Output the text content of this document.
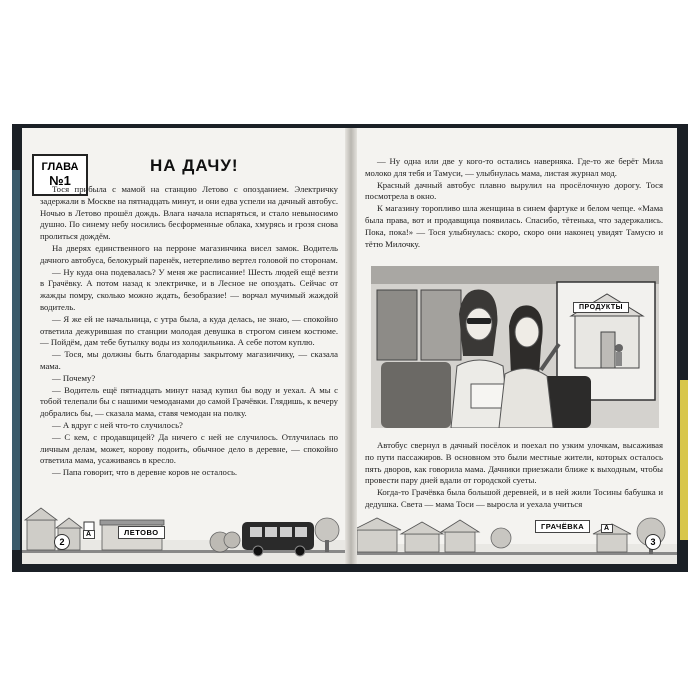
ГЛАВА
№1
НА ДАЧУ!

Тося прибыла с мамой на станцию Летово с опозданием. Электричку задержали в Москве на пятнадцать минут, и они едва успели на дачный автобус. Ночью в Летово прошёл дождь. Влага начала испаряться, и стало невыносимо душно. По синему небу носились бесформенные облака, хмурясь и грозя снова пролиться дождём.

На дверях единственного на перроне магазинчика висел замок. Водитель дачного автобуса, белокурый паренёк, нетерпеливо вертел головой по сторонам.

— Ну куда она подевалась? У меня же расписание! Шесть людей ещё везти в Грачёвку. А потом назад к электричке, и в Лесное не опоздать. Сейчас от жажды помру, сколько можно ждать, безобразие! — ворчал мучимый жаждой водитель.

— Я же ей не начальница, с утра была, а куда делась, не знаю, — спокойно ответила дежурившая по станции молодая девушка в строгом синем костюме. — Пойдём, дам тебе бутылку воды из холодильника. А себе потом куплю.

— Тося, мы должны быть благодарны закрытому магазинчику, — сказала мама.

— Почему?

— Водитель ещё пятнадцать минут назад купил бы воду и уехал. А мы с тобой телепали бы с нашими чемоданами до самой Грачёвки. Глядишь, к вечеру добрались бы, — сказала мама, ставя чемодан на полку.

— А вдруг с ней что-то случилось?

— С кем, с продавщицей? Да ничего с ней не случилось. Отлучилась по личным делам, может, корову подоить, обычное дело в деревне, — спокойно ответила мама, усаживаясь в кресло.

— Папа говорит, что в деревне коров не осталось.

2
А	ЛЕТОВО

— Ну одна или две у кого-то остались наверняка. Где-то же берёт Мила молоко для тебя и Тамуси, — улыбнулась мама, листая журнал мод.

Красный дачный автобус плавно вырулил на просёлочную дорогу. Тося посмотрела в окно.

К магазину торопливо шла женщина в синем фартуке и белом чепце. «Мама была права, вот и продавщица появилась. Спасибо, тётенька, что задержались. Пока, пока!» — Тося улыбнулась: скоро, скоро они наконец увидят Тамусю и тётю Милочку.

ПРОДУКТЫ

Автобус свернул в дачный посёлок и поехал по узким улочкам, высаживая по пути пассажиров. В основном это были местные жители, которых осталось пять дворов, как говорила мама. Дачники приезжали ближе к выходным, чтобы провести пару дней вдали от городской суеты.

Когда-то Грачёвка была большой деревней, и в ней жили Тосины бабушка и дедушка. Света — мама Тоси — выросла и уехала учиться

ГРАЧЁВКА	А
3
